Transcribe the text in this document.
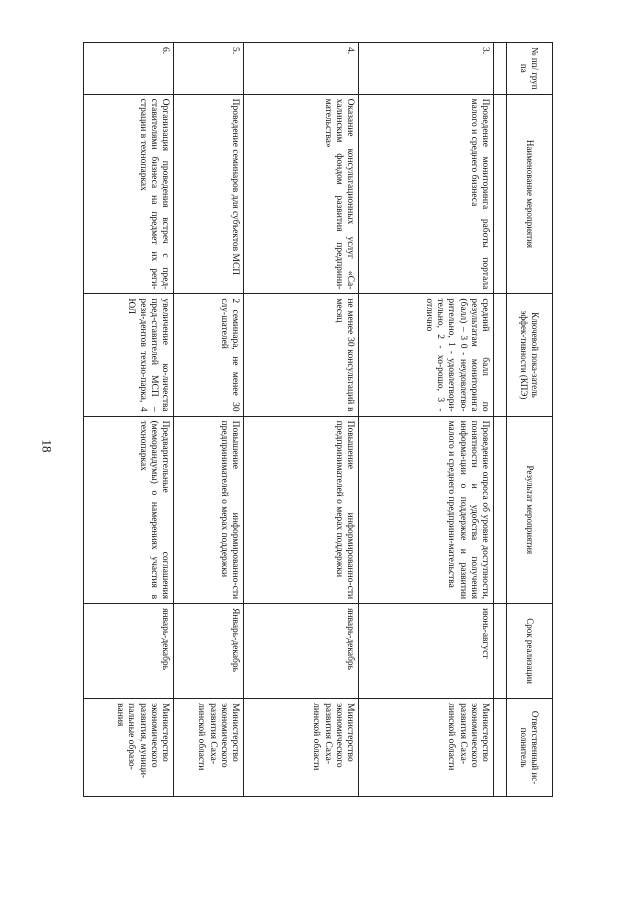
18
№ пп/ груп па	Наименование мероприятия	Ключевой пока-затель эффек-тивности (КПЭ)	Результат мероприятия	Срок реализации	Ответственный ис-полнитель

3.	Проведение мониторинга работы портала малого и среднего бизнеса	средний балл по результатам мониторинга (балл) – 3 0 - неудовлетво-рительно, 1 - удовлетвори-тельно, 2 - хо-рошо, 3 - отлично	Проведение опроса об уровне доступности, понятности и удобства получения информа-ции о поддержке и развитии малого и среднего предприни-мательства	июнь-август	Министерство экономического развития Саха-линской области
4.	Оказание консультационных услуг «Са-халинским фондом развития предприни-мательства»	не менее 30 консультаций в месяц	Повышение информированно-сти предпринимателей о мерах поддержки	январь-декабрь	Министерство экономического развития Саха-линской области
5.	Проведение семинаров для субъектов МСП	2 семинара, не менее 30 слу-шателей	Повышение информированно-сти предпринимателей о мерах поддержки	Январь-декабрь	Министерство экономического развития Саха-линской области
6.	Организация проведения встреч с пред-ставителями бизнеса на предмет их реги-страции в технопарках	увеличение ко-личества пред-ставителей МСП – рези-дентов техно-парка, 4 ЮЛ	Предварительные соглашения (меморандумы) о намерениях участия в технопарках	январь-декабрь	Министерство экономического развития, муници-пальные образо-вания
